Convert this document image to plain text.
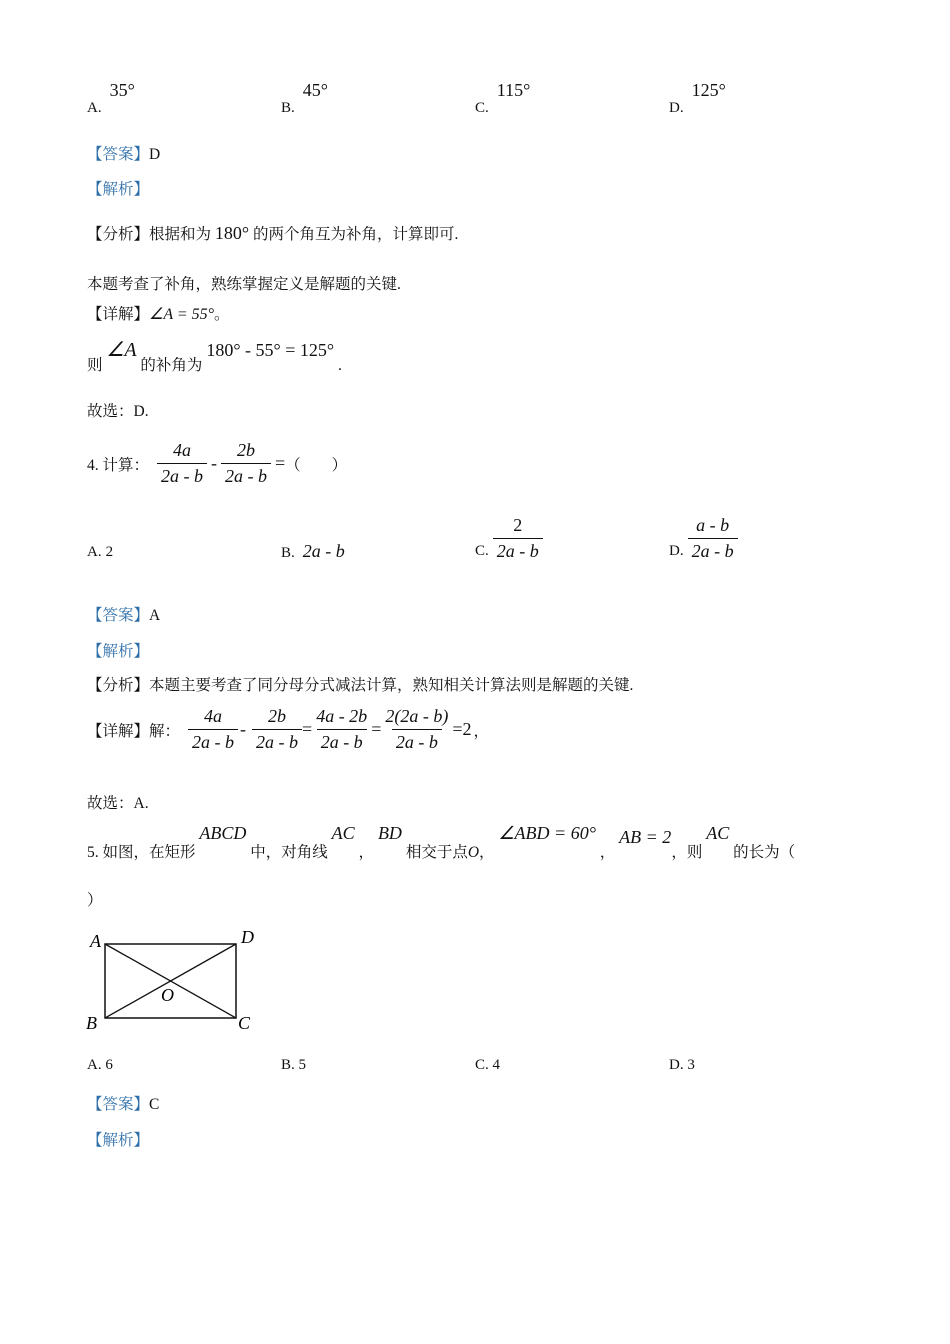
A. 35°
B. 45°
C. 115°
D. 125°
【答案】D
【解析】
【分析】根据和为 180° 的两个角互为补角，计算即可.
本题考查了补角，熟练掌握定义是解题的关键.
【详解】∠A = 55°。
则 ∠A 的补角为 180° - 55° = 125° .
故选：D.
4. 计算： $\frac{4a}{2a - b} - \frac{2b}{2a - b}$ = （　　）
A. 2	B. 2a - b	C. $\frac{2}{2a - b}$	D. $\frac{a - b}{2a - b}$
【答案】A
【解析】
【分析】本题主要考查了同分母分式减法计算，熟知相关计算法则是解题的关键.
【详解】 解： $\frac{4a}{2a - b} - \frac{2b}{2a - b} = \frac{4a - 2b}{2a - b} = \frac{2(2a - b)}{2a - b} =2$ ，
故选：A.
5. 如图，在矩形 ABCD 中，对角线 AC ， BD 相交于点O， ∠ABD = 60° ， AB = 2，则 AC 的长为（
）
A	D
B	C
O
A. 6	B. 5	C. 4	D. 3
【答案】C
【解析】
